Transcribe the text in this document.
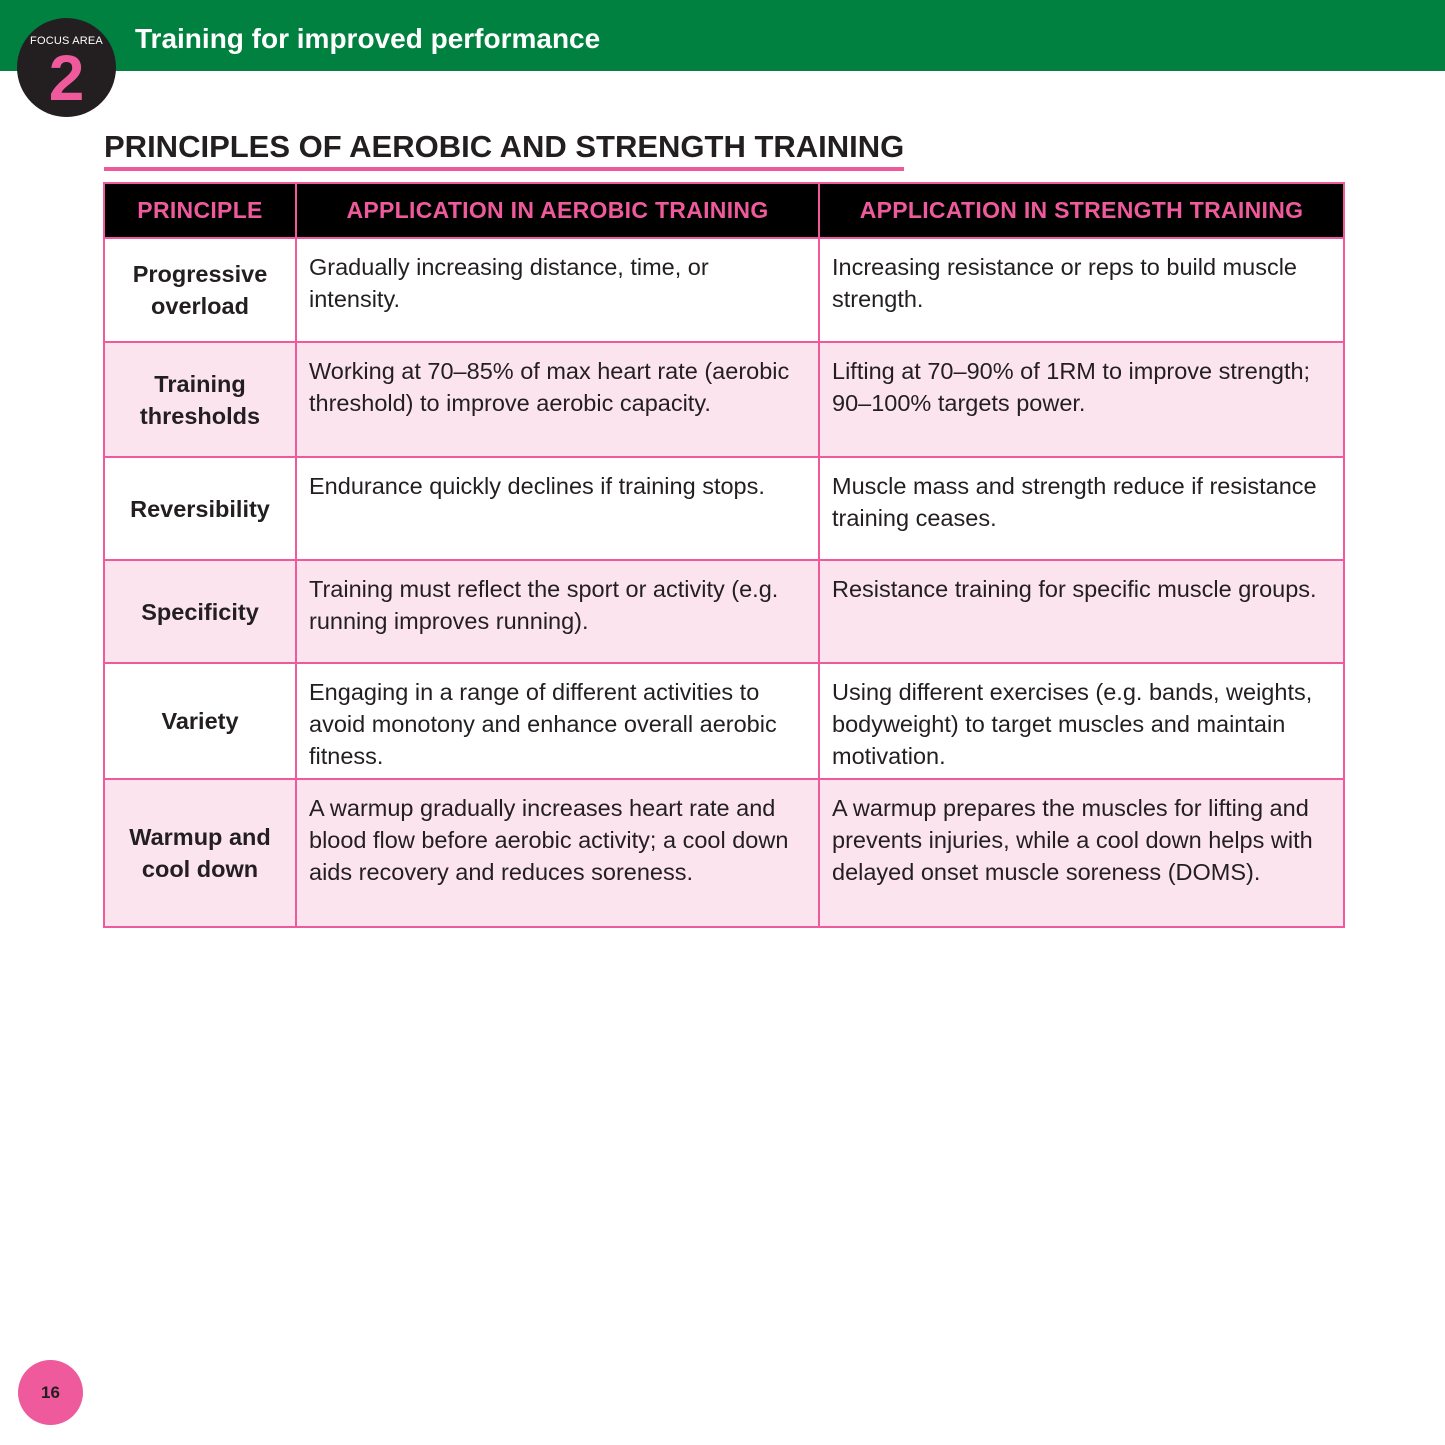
Training for improved performance
FOCUS AREA
2
PRINCIPLES OF AEROBIC AND STRENGTH TRAINING
PRINCIPLE	APPLICATION IN AEROBIC TRAINING	APPLICATION IN STRENGTH TRAINING
Progressive overload	Gradually increasing distance, time, or intensity.	Increasing resistance or reps to build muscle strength.
Training thresholds	Working at 70–85% of max heart rate (aerobic threshold) to improve aerobic capacity.	Lifting at 70–90% of 1RM to improve strength; 90–100% targets power.
Reversibility	Endurance quickly declines if training stops.	Muscle mass and strength reduce if resistance training ceases.
Specificity	Training must reflect the sport or activity (e.g. running improves running).	Resistance training for specific muscle groups.
Variety	Engaging in a range of different activities to avoid monotony and enhance overall aerobic fitness.	Using different exercises (e.g. bands, weights, bodyweight) to target muscles and maintain motivation.
Warmup and cool down	A warmup gradually increases heart rate and blood flow before aerobic activity; a cool down aids recovery and reduces soreness.	A warmup prepares the muscles for lifting and prevents injuries, while a cool down helps with delayed onset muscle soreness (DOMS).
16
